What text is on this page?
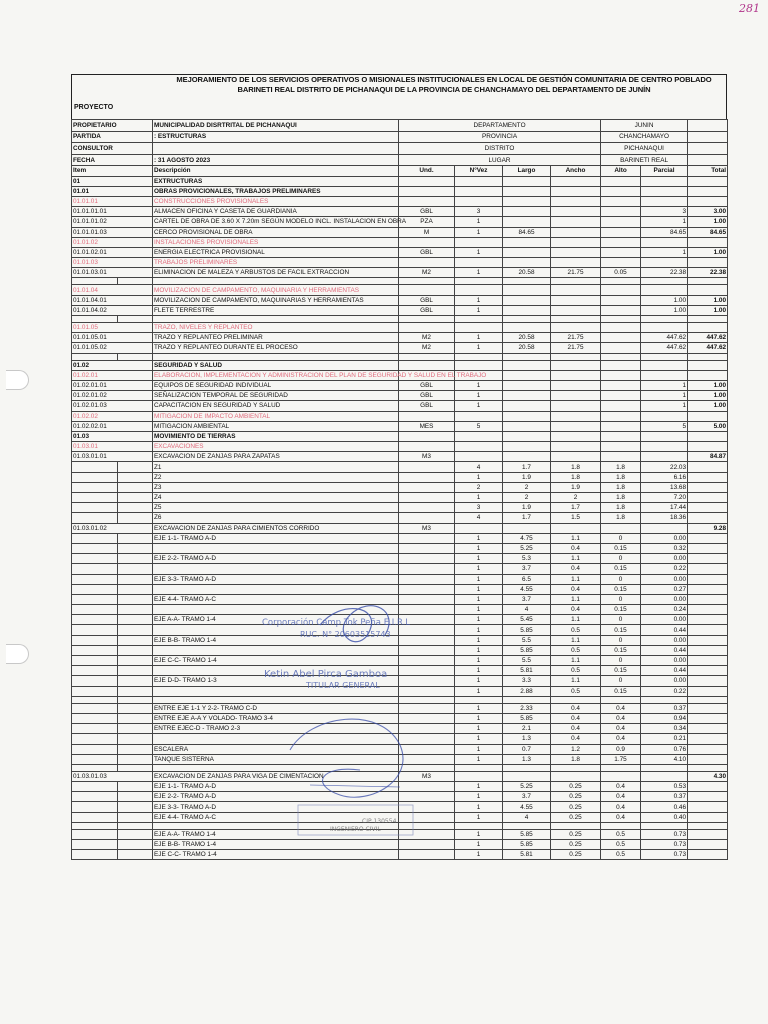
281
PROYECTO
MEJORAMIENTO DE LOS SERVICIOS OPERATIVOS O MISIONALES INSTITUCIONALES EN LOCAL DE GESTIÓN COMUNITARIA DE CENTRO POBLADO BARINETI REAL DISTRITO DE PICHANAQUI DE LA PROVINCIA DE CHANCHAMAYO DEL DEPARTAMENTO DE JUNÍN
PROPIETARIO		MUNICIPALIDAD DISRTRITAL DE PICHANAQUI	DEPARTAMENTO				JUNIN		
PARTIDA		: ESTRUCTURAS	PROVINCIA				CHANCHAMAYO		
CONSULTOR			DISTRITO				PICHANAQUI		
FECHA		: 31 AGOSTO 2023	LUGAR				BARINETI REAL		
Item		Descripción	Und.	N°Vez	Largo	Ancho	Alto	Parcial	Total
01		EXTRUCTURAS							
01.01		OBRAS PROVICIONALES, TRABAJOS PRELIMINARES							
01.01.01		CONSTRUCCIONES PROVISIONALES							
01.01.01.01		ALMACEN OFICINA Y CASETA DE GUARDIANIA	GBL	3				3	3.00
01.01.01.02		CARTEL DE OBRA DE 3.60 X 7.20m SEGÚN MODELO INCL. INSTALACION EN OBRA	PZA	1				1	1.00
01.01.01.03		CERCO PROVISIONAL DE OBRA	M	1	84.65			84.65	84.65
01.01.02		INSTALACIONES PROVISIONALES							
01.01.02.01		ENERGIA ELECTRICA PROVISIONAL	GBL	1				1	1.00
01.01.03		TRABAJOS PRELIMINARES							
01.01.03.01		ELIMINACION DE MALEZA Y ARBUSTOS DE FACIL EXTRACCION	M2	1	20.58	21.75	0.05	22.38	22.38

01.01.04		MOVILIZACION DE CAMPAMENTO, MAQUINARIA Y HERRAMIENTAS							
01.01.04.01		MOVILIZACION DE CAMPAMENTO, MAQUINARIAS Y HERRAMIENTAS	GBL	1				1.00	1.00
01.01.04.02		FLETE TERRESTRE	GBL	1				1.00	1.00

01.01.05		TRAZO, NIVELES Y REPLANTEO							
01.01.05.01		TRAZO Y REPLANTEO PRELIMINAR	M2	1	20.58	21.75		447.62	447.62
01.01.05.02		TRAZO Y REPLANTEO DURANTE EL PROCESO	M2	1	20.58	21.75		447.62	447.62

01.02		SEGURIDAD Y SALUD							
01.02.01		ELABORACION, IMPLEMENTACION Y ADMINISTRACION DEL PLAN DE SEGURIDAD Y SALUD EN EL TRABAJO							
01.02.01.01		EQUIPOS DE SEGURIDAD INDIVIDUAL	GBL	1				1	1.00
01.02.01.02		SEÑALIZACION TEMPORAL DE SEGURIDAD	GBL	1				1	1.00
01.02.01.03		CAPACITACION EN SEGURIDAD Y SALUD	GBL	1				1	1.00
01.02.02		MITIGACION DE IMPACTO AMBIENTAL							
01.02.02.01		MITIGACION AMBIENTAL	MES	5				5	5.00
01.03		MOVIMIENTO DE TIERRAS							
01.03.01		EXCAVACIONES							
01.03.01.01		EXCAVACION DE ZANJAS PARA ZAPATAS	M3						84.87
		Z1		4	1.7	1.8	1.8	22.03	
		Z2		1	1.9	1.8	1.8	6.16	
		Z3		2	2	1.9	1.8	13.68	
		Z4		1	2	2	1.8	7.20	
		Z5		3	1.9	1.7	1.8	17.44	
		Z6		4	1.7	1.5	1.8	18.36	
01.03.01.02		EXCAVACION DE ZANJAS PARA CIMIENTOS CORRIDO	M3						9.28
		EJE 1-1- TRAMO A-D		1	4.75	1.1	0	0.00	
				1	5.25	0.4	0.15	0.32	
		EJE 2-2- TRAMO A-D		1	5.3	1.1	0	0.00	
				1	3.7	0.4	0.15	0.22	
		EJE 3-3- TRAMO A-D		1	6.5	1.1	0	0.00	
				1	4.55	0.4	0.15	0.27	
		EJE 4-4- TRAMO A-C		1	3.7	1.1	0	0.00	
				1	4	0.4	0.15	0.24	
		EJE A-A- TRAMO 1-4		1	5.45	1.1	0	0.00	
				1	5.85	0.5	0.15	0.44	
		EJE B-B- TRAMO 1-4		1	5.5	1.1	0	0.00	
				1	5.85	0.5	0.15	0.44	
		EJE C-C- TRAMO 1-4		1	5.5	1.1	0	0.00	
				1	5.81	0.5	0.15	0.44	
		EJE D-D- TRAMO 1-3		1	3.3	1.1	0	0.00	
				1	2.88	0.5	0.15	0.22	

		ENTRE EJE 1-1 Y 2-2- TRAMO C-D		1	2.33	0.4	0.4	0.37	
		ENTRE EJE A-A Y VOLADO- TRAMO 3-4		1	5.85	0.4	0.4	0.94	
		ENTRE EJEC-D - TRAMO 2-3		1	2.1	0.4	0.4	0.34	
				1	1.3	0.4	0.4	0.21	
		ESCALERA		1	0.7	1.2	0.9	0.76	
		TANQUE SISTERNA		1	1.3	1.8	1.75	4.10	

01.03.01.03		EXCAVACION DE ZANJAS PARA VIGA DE CIMENTACION	M3						4.30
		EJE 1-1- TRAMO A-D		1	5.25	0.25	0.4	0.53	
		EJE 2-2- TRAMO A-D		1	3.7	0.25	0.4	0.37	
		EJE 3-3- TRAMO A-D		1	4.55	0.25	0.4	0.46	
		EJE 4-4- TRAMO A-C		1	4	0.25	0.4	0.40	

		EJE A-A- TRAMO 1-4		1	5.85	0.25	0.5	0.73	
		EJE B-B- TRAMO 1-4		1	5.85	0.25	0.5	0.73	
		EJE C-C- TRAMO 1-4		1	5.81	0.25	0.5	0.73	
Corporación Camp Tok Peña E.I.R.L
RUC. N° 20603515743
Ketin Abel Pirca Gamboa
TITULAR GENERAL
INGENIERO CIVIL
CIP 130554
